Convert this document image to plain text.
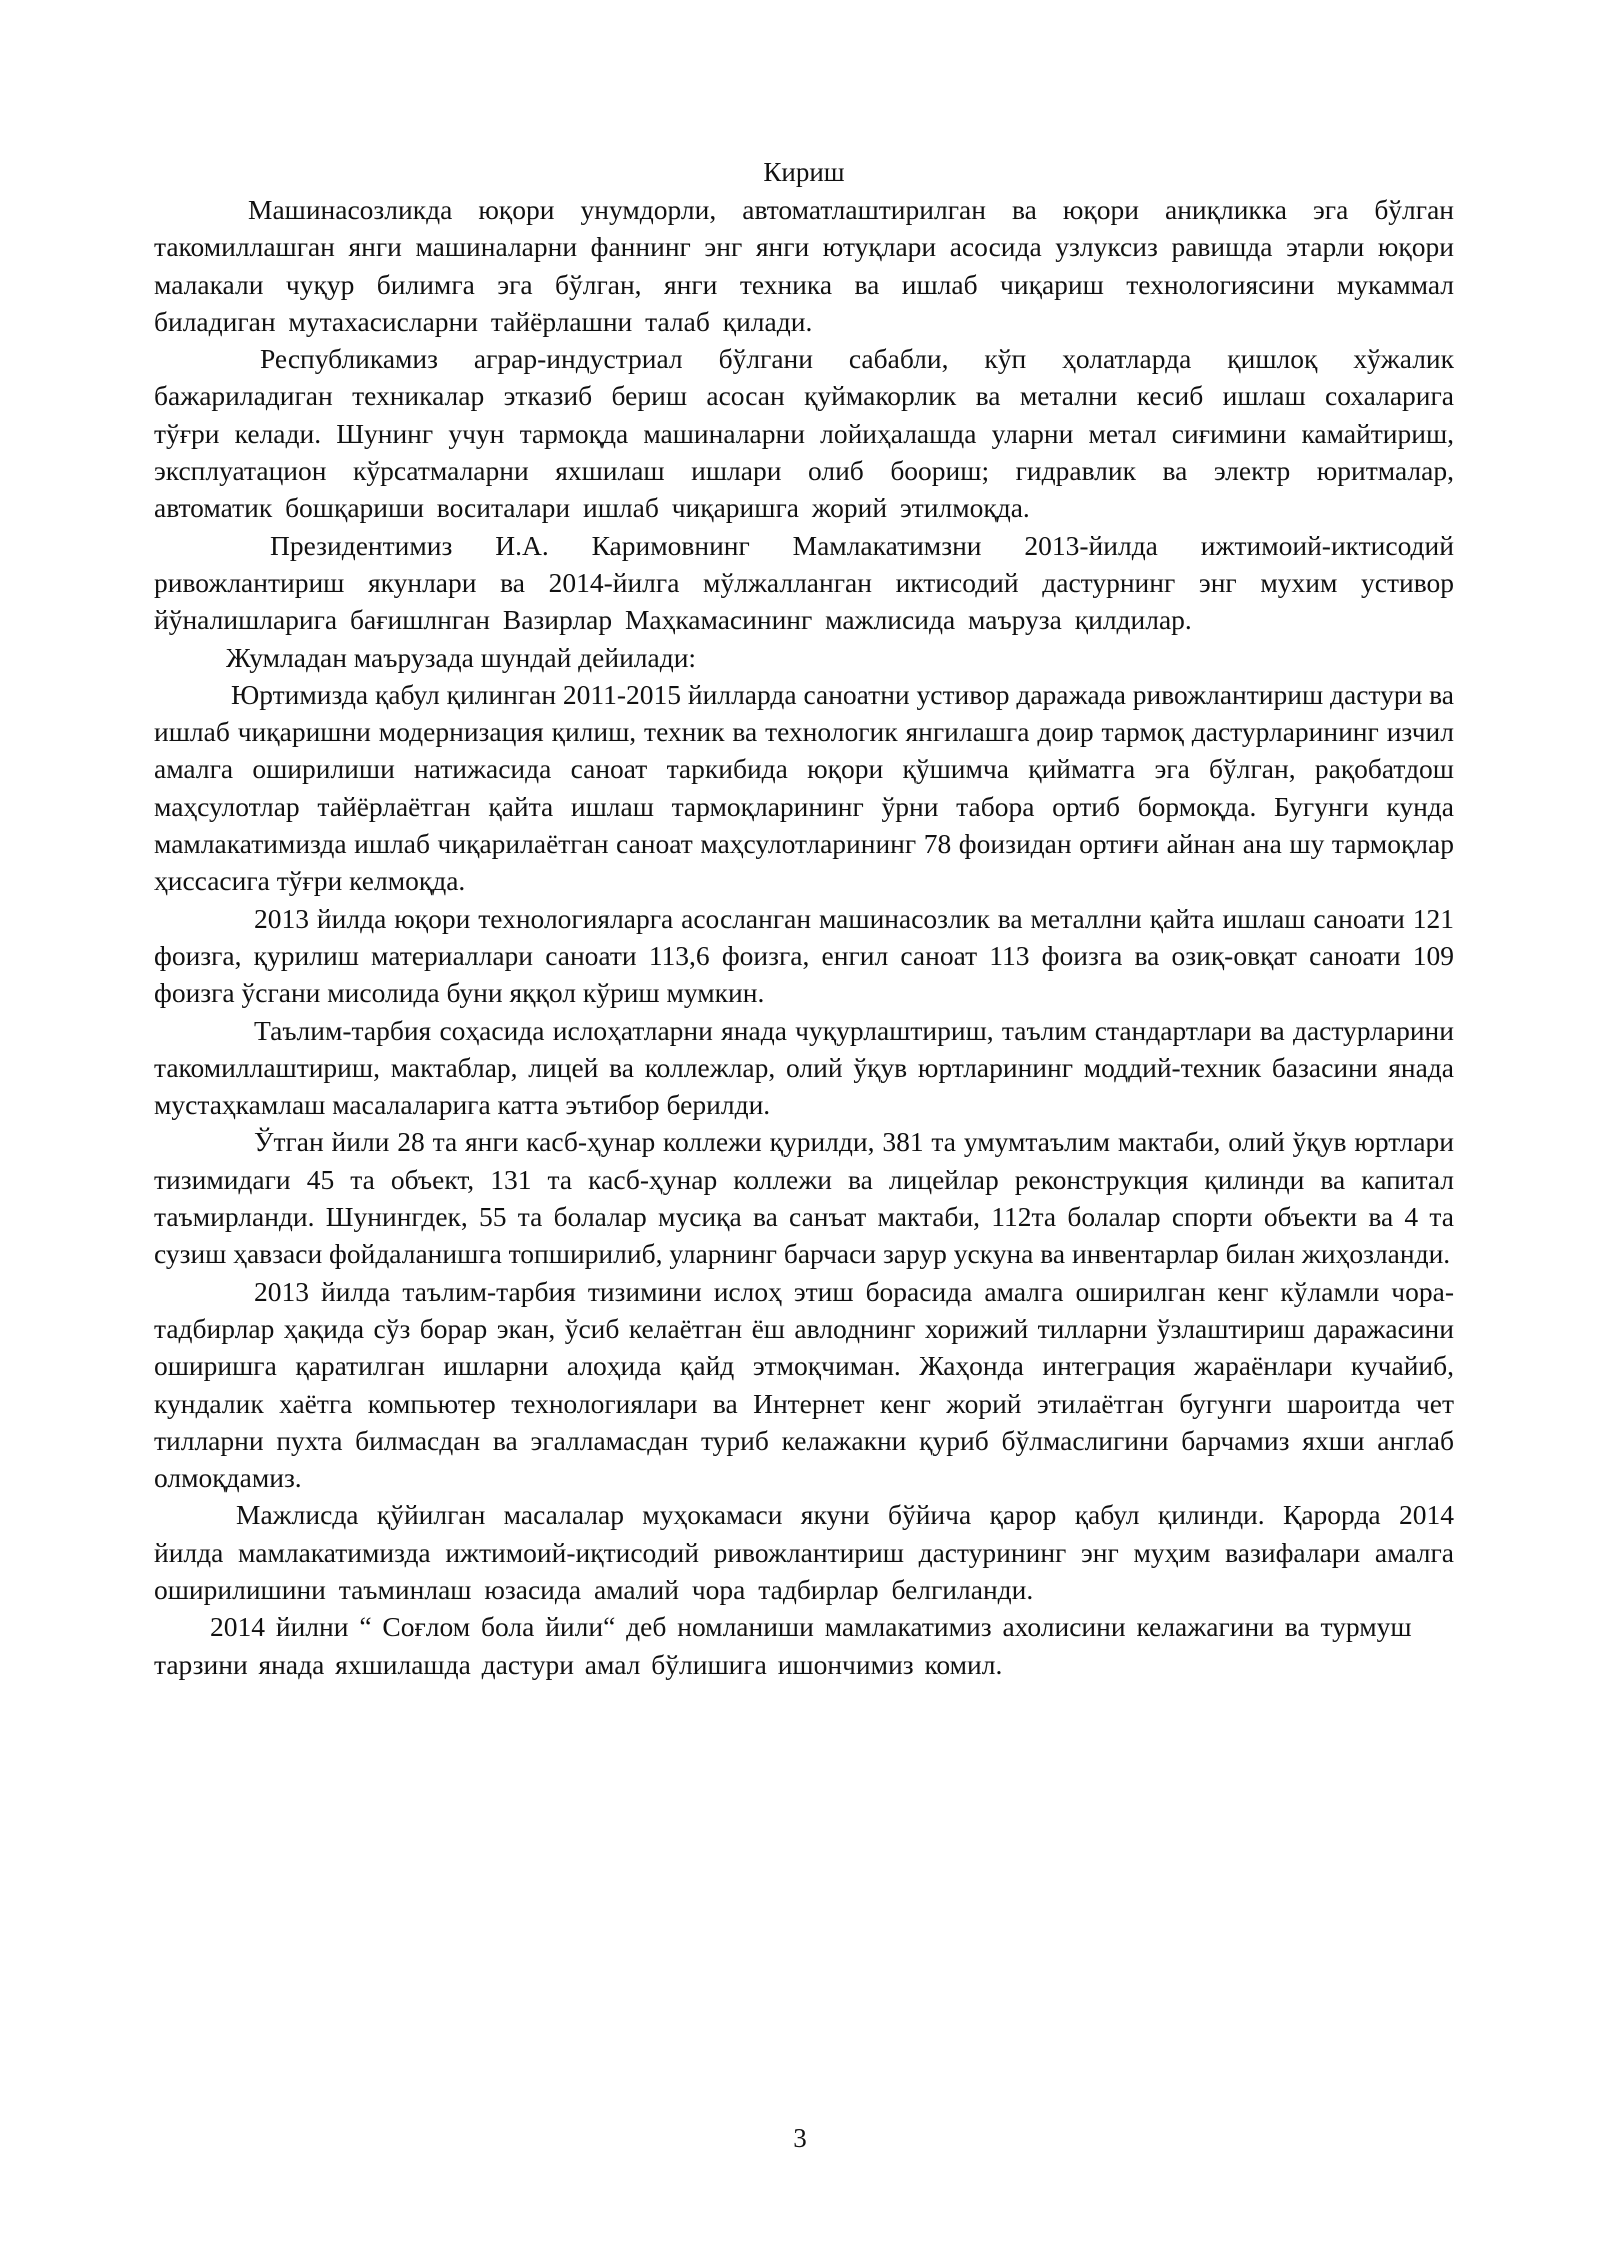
Кириш

Машинасозликда юқори унумдорли, автоматлаштирилган ва юқори аниқликка эга бўлган такомиллашган янги машиналарни фаннинг энг янги ютуқлари асосида узлуксиз равишда этарли юқори малакали чуқур билимга эга бўлган, янги техника ва ишлаб чиқариш технологиясини мукаммал биладиган мутахасисларни тайёрлашни талаб қилади.

Республикамиз аграр-индустриал бўлгани сабабли, кўп ҳолатларда қишлоқ хўжалик бажариладиган техникалар этказиб бериш асосан қуймакорлик ва метални кесиб ишлаш сохаларига тўғри келади. Шунинг учун тармоқда машиналарни лойиҳалашда уларни метал сиғимини камайтириш, эксплуатацион кўрсатмаларни яхшилаш ишлари олиб боориш; гидравлик ва электр юритмалар, автоматик бошқариши воситалари ишлаб чиқаришга жорий этилмоқда.

Президентимиз И.А. Каримовнинг Мамлакатимзни 2013-йилда ижтимоий-иктисодий ривожлантириш якунлари ва 2014-йилга мўлжалланган иктисодий дастурнинг энг мухим устивор йўналишларига бағишлнган Вазирлар Маҳкамасининг мажлисида маъруза қилдилар.

Жумладан маърузада шундай дейилади:

Юртимизда қабул қилинган 2011-2015 йилларда саноатни устивор даражада ривожлантириш дастури ва ишлаб чиқаришни модернизация қилиш, техник ва технологик янгилашга доир тармоқ дастурларининг изчил амалга оширилиши натижасида саноат таркибида юқори қўшимча қийматга эга бўлган, рақобатдош маҳсулотлар тайёрлаётган қайта ишлаш тармоқларининг ўрни табора ортиб бормоқда. Бугунги кунда мамлакатимизда ишлаб чиқарилаётган саноат маҳсулотларининг 78 фоизидан ортиғи айнан ана шу тармоқлар ҳиссасига тўғри келмоқда.

2013 йилда юқори технологияларга асосланган машинасозлик ва металлни қайта ишлаш саноати 121 фоизга, қурилиш материаллари саноати 113,6 фоизга, енгил саноат 113 фоизга ва озиқ-овқат саноати 109 фоизга ўсгани мисолида буни яққол кўриш мумкин.

Таълим-тарбия соҳасида ислоҳатларни янада чуқурлаштириш, таълим стандартлари ва дастурларини такомиллаштириш, мактаблар, лицей ва коллежлар, олий ўқув юртларининг моддий-техник базасини янада мустаҳкамлаш масалаларига катта эътибор берилди.

Ўтган йили 28 та янги касб-ҳунар коллежи қурилди, 381 та умумтаълим мактаби, олий ўқув юртлари тизимидаги 45 та объект, 131 та касб-ҳунар коллежи ва лицейлар реконструкция қилинди ва капитал таъмирланди. Шунингдек, 55 та болалар мусиқа ва санъат мактаби, 112та болалар спорти объекти ва 4 та сузиш ҳавзаси фойдаланишга топширилиб, уларнинг барчаси зарур ускуна ва инвентарлар билан жиҳозланди.

2013 йилда таълим-тарбия тизимини ислоҳ этиш борасида амалга оширилган кенг кўламли чора-тадбирлар ҳақида сўз борар экан, ўсиб келаётган ёш авлоднинг хорижий тилларни ўзлаштириш даражасини оширишга қаратилган ишларни алоҳида қайд этмоқчиман. Жаҳонда интеграция жараёнлари кучайиб, кундалик хаётга компьютер технологиялари ва Интернет кенг жорий этилаётган бугунги шароитда чет тилларни пухта билмасдан ва эгалламасдан туриб келажакни қуриб бўлмаслигини барчамиз яхши англаб олмоқдамиз.

Мажлисда қўйилган масалалар муҳокамаси якуни бўйича қарор қабул қилинди. Қарорда 2014 йилда мамлакатимизда ижтимоий-иқтисодий ривожлантириш дастурининг энг муҳим вазифалари амалга оширилишини таъминлаш юзасида амалий чора тадбирлар белгиланди.

2014 йилни “ Соғлом бола йили“ деб номланиши мамлакатимиз ахолисини келажагини ва турмуш тарзини янада яхшилашда дастури амал бўлишига ишончимиз комил.

3
